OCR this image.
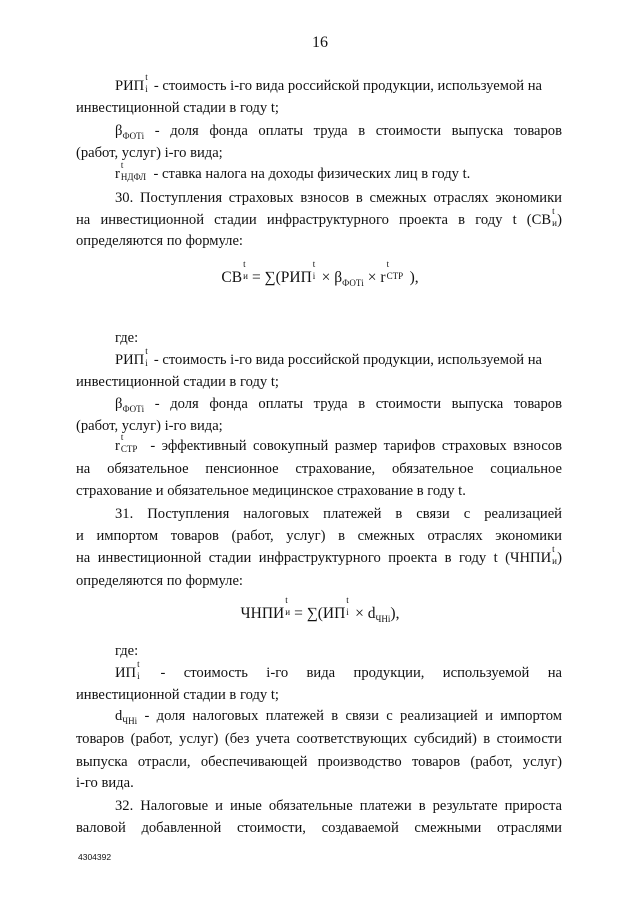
16
РИП
t
i - стоимость i-го вида российской продукции, используемой на
инвестиционной стадии в году t;
$\beta_{ФОТi}$ - доля фонда оплаты труда в стоимости выпуска товаров
(работ, услуг) i-го вида;
r
t
НДФЛ - ставка налога на доходы физических лиц в году t.
30. Поступления страховых взносов в смежных отраслях экономики
на инвестиционной стадии инфраструктурного проекта в году t (СВ
t
и )
определяются по формуле:
СВ
t
и = ∑(РИП
t
$i \times \beta_{ФОТi} \times r$
t
СТР ),
где:
РИП
t
i - стоимость i-го вида российской продукции, используемой на
инвестиционной стадии в году t;
$\beta_{ФОТi}$ - доля фонда оплаты труда в стоимости выпуска товаров
(работ, услуг) i-го вида;
r
t
СТР - эффективный совокупный размер тарифов страховых взносов
на обязательное пенсионное страхование, обязательное социальное
страхование и обязательное медицинское страхование в году t.
31. Поступления налоговых платежей в связи с реализацией
и импортом товаров (работ, услуг) в смежных отраслях экономики
на инвестиционной стадии инфраструктурного проекта в году t (ЧНПИ
t
и )
определяются по формуле:
ЧНПИ
t
и = ∑(ИП
t
$i \times d_{ЧНi}$),
где:
ИП
t
i - стоимость i-го вида продукции, используемой на
инвестиционной стадии в году t;
$d_{ЧНi}$ - доля налоговых платежей в связи с реализацией и импортом
товаров (работ, услуг) (без учета соответствующих субсидий) в стоимости
выпуска отрасли, обеспечивающей производство товаров (работ, услуг)
i-го вида.
32. Налоговые и иные обязательные платежи в результате прироста
валовой добавленной стоимости, создаваемой смежными отраслями
4304392
